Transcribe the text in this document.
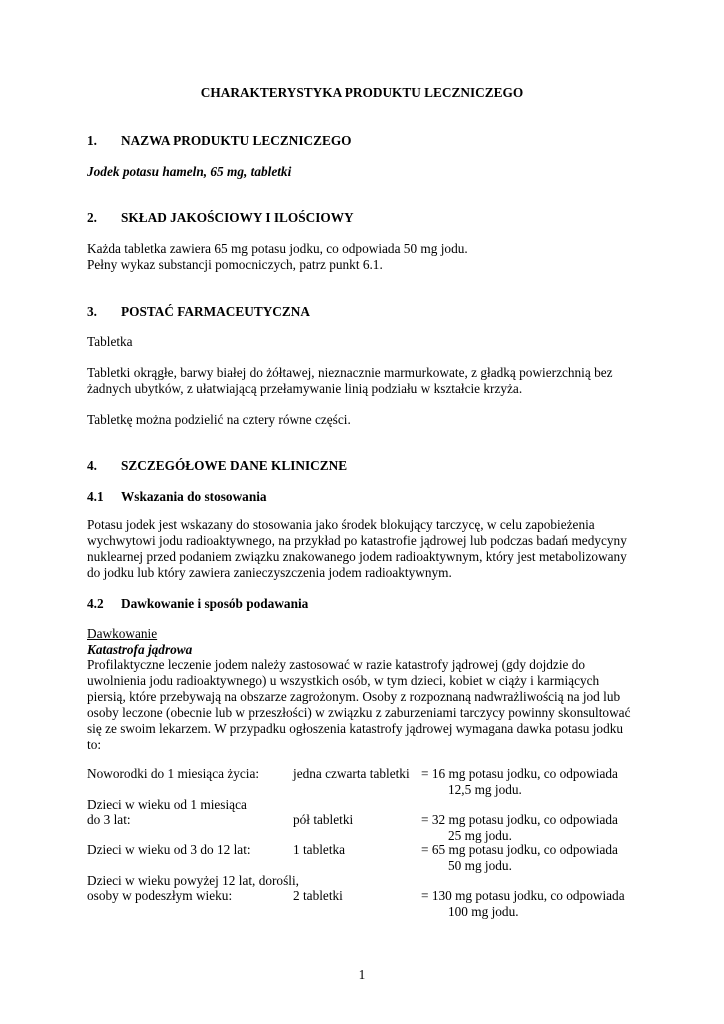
CHARAKTERYSTYKA PRODUKTU LECZNICZEGO
1. NAZWA PRODUKTU LECZNICZEGO
Jodek potasu hameln, 65 mg, tabletki
2. SKŁAD JAKOŚCIOWY I ILOŚCIOWY
Każda tabletka zawiera 65 mg potasu jodku, co odpowiada 50 mg jodu.
Pełny wykaz substancji pomocniczych, patrz punkt 6.1.
3. POSTAĆ FARMACEUTYCZNA
Tabletka
Tabletki okrągłe, barwy białej do żółtawej, nieznacznie marmurkowate, z gładką powierzchnią bez
żadnych ubytków, z ułatwiającą przełamywanie linią podziału w kształcie krzyża.
Tabletkę można podzielić na cztery równe części.
4. SZCZEGÓŁOWE DANE KLINICZNE
4.1 Wskazania do stosowania
Potasu jodek jest wskazany do stosowania jako środek blokujący tarczycę, w celu zapobieżenia
wychwytowi jodu radioaktywnego, na przykład po katastrofie jądrowej lub podczas badań medycyny
nuklearnej przed podaniem związku znakowanego jodem radioaktywnym, który jest metabolizowany
do jodku lub który zawiera zanieczyszczenia jodem radioaktywnym.
4.2 Dawkowanie i sposób podawania
Dawkowanie
Katastrofa jądrowa
Profilaktyczne leczenie jodem należy zastosować w razie katastrofy jądrowej (gdy dojdzie do
uwolnienia jodu radioaktywnego) u wszystkich osób, w tym dzieci, kobiet w ciąży i karmiących
piersią, które przebywają na obszarze zagrożonym. Osoby z rozpoznaną nadwrażliwością na jod lub
osoby leczone (obecnie lub w przeszłości) w związku z zaburzeniami tarczycy powinny skonsultować
się ze swoim lekarzem. W przypadku ogłoszenia katastrofy jądrowej wymagana dawka potasu jodku
to:
Noworodki do 1 miesiąca życia:	jedna czwarta tabletki = 16 mg potasu jodku, co odpowiada
12,5 mg jodu.
Dzieci w wieku od 1 miesiąca
do 3 lat:	pół tabletki	= 32 mg potasu jodku, co odpowiada
25 mg jodu.
Dzieci w wieku od 3 do 12 lat:	1 tabletka	= 65 mg potasu jodku, co odpowiada
50 mg jodu.
Dzieci w wieku powyżej 12 lat, dorośli,
osoby w podeszłym wieku:	2 tabletki	= 130 mg potasu jodku, co odpowiada
100 mg jodu.
1
